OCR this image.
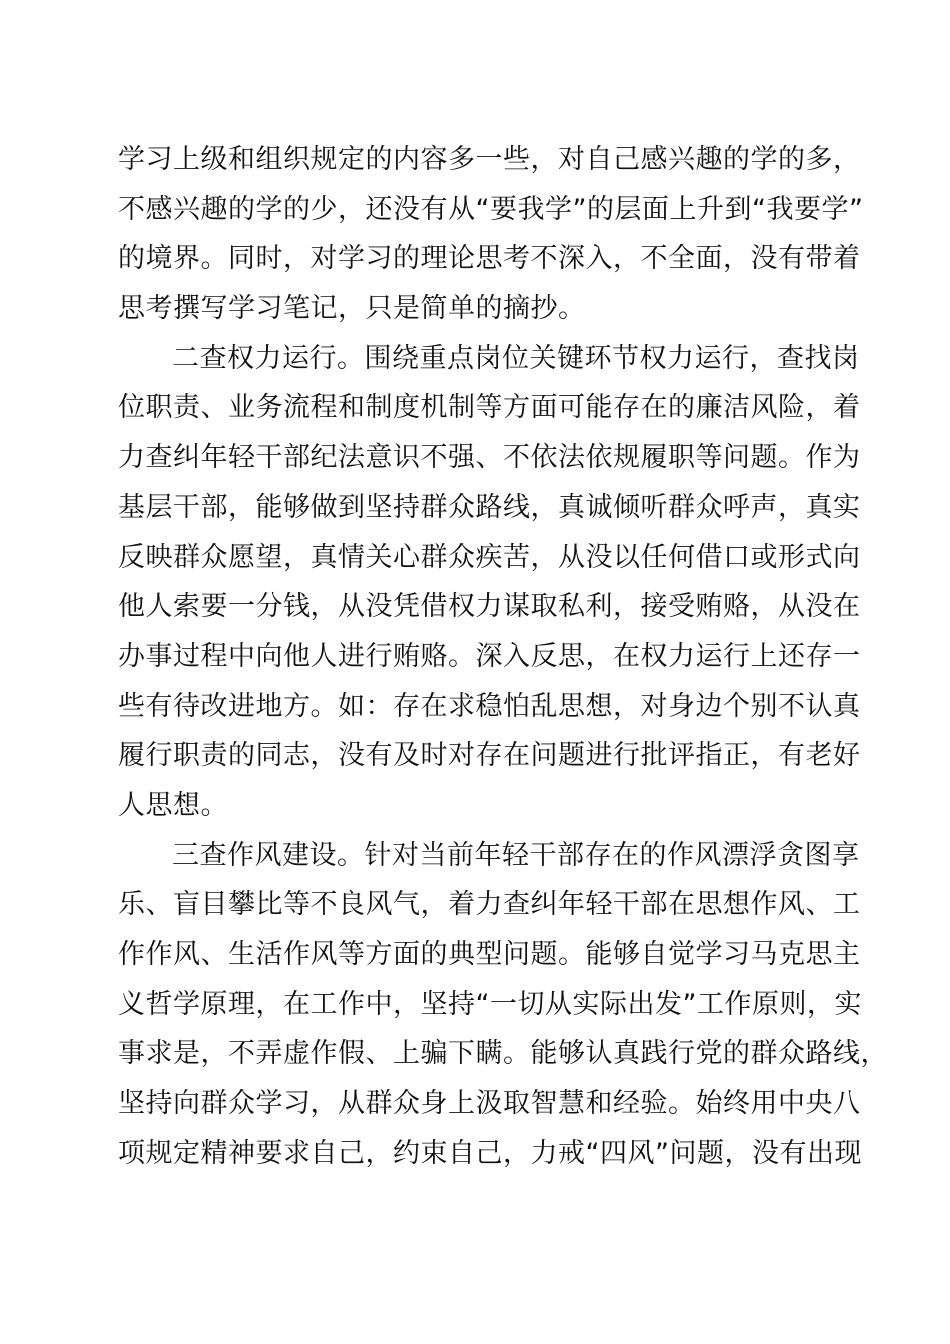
学习上级和组织规定的内容多一些，对自己感兴趣的学的多，
不感兴趣的学的少，还没有从“要我学”的层面上升到“我要学”
的境界。同时，对学习的理论思考不深入，不全面，没有带着
思考撰写学习笔记，只是简单的摘抄。
二查权力运行。围绕重点岗位关键环节权力运行，查找岗
位职责、业务流程和制度机制等方面可能存在的廉洁风险，着
力查纠年轻干部纪法意识不强、不依法依规履职等问题。作为
基层干部，能够做到坚持群众路线，真诚倾听群众呼声，真实
反映群众愿望，真情关心群众疾苦，从没以任何借口或形式向
他人索要一分钱，从没凭借权力谋取私利，接受贿赂，从没在
办事过程中向他人进行贿赂。深入反思，在权力运行上还存一
些有待改进地方。如：存在求稳怕乱思想，对身边个别不认真
履行职责的同志，没有及时对存在问题进行批评指正，有老好
人思想。
三查作风建设。针对当前年轻干部存在的作风漂浮贪图享
乐、盲目攀比等不良风气，着力查纠年轻干部在思想作风、工
作作风、生活作风等方面的典型问题。能够自觉学习马克思主
义哲学原理，在工作中，坚持“一切从实际出发”工作原则，实
事求是，不弄虚作假、上骗下瞒。能够认真践行党的群众路线，
坚持向群众学习，从群众身上汲取智慧和经验。始终用中央八
项规定精神要求自己，约束自己，力戒“四风”问题，没有出现
